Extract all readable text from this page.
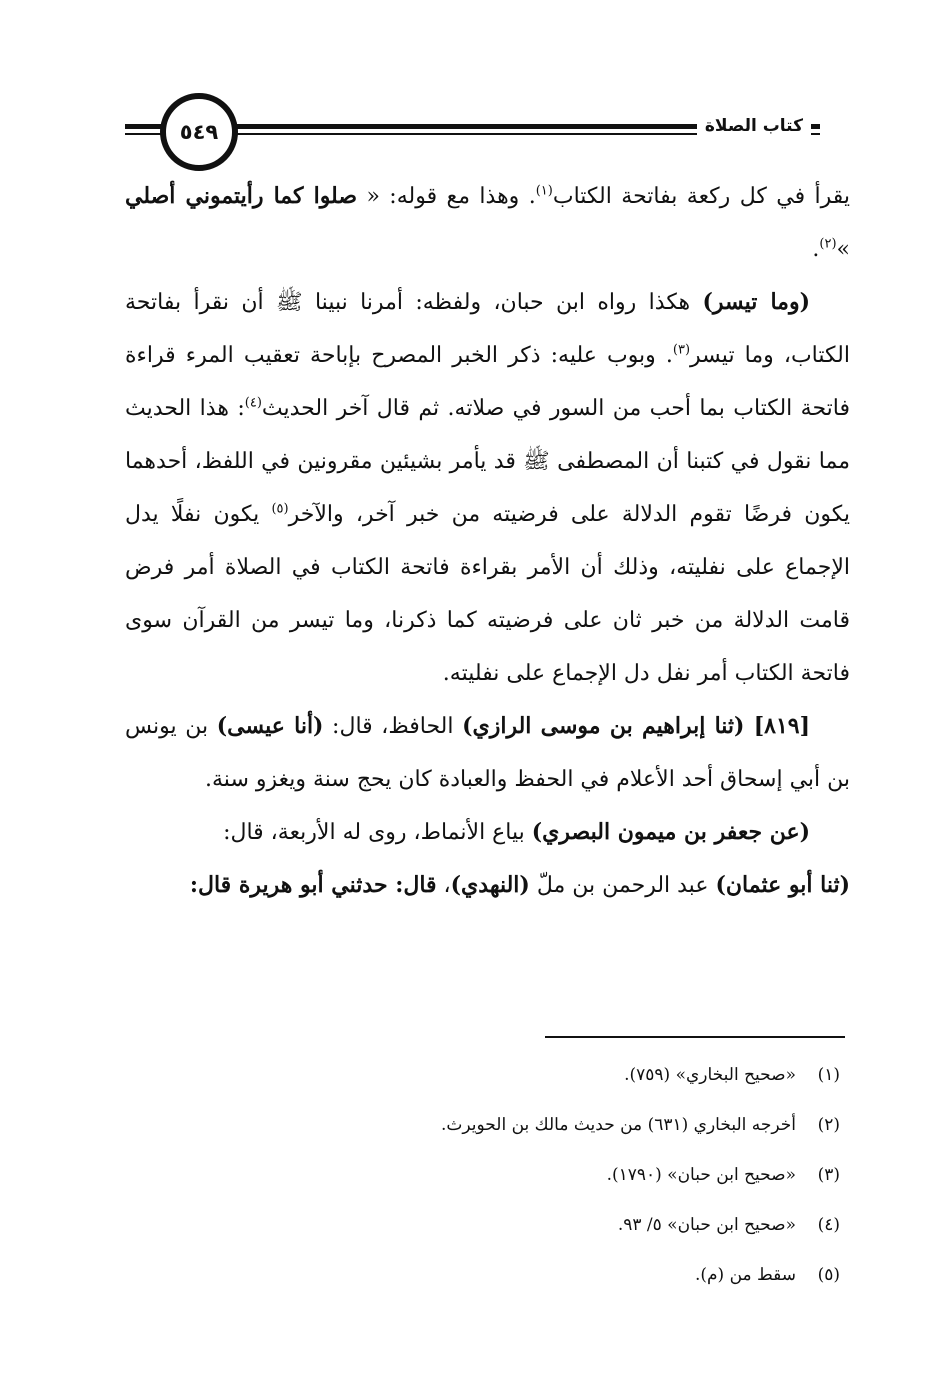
٥٤٩	كتاب الصلاة

يقرأ في كل ركعة بفاتحة الكتاب$^{(١)}$. وهذا مع قوله: « صلوا كما رأيتموني أصلي »$^{(٢)}$.

(وما تيسر) هكذا رواه ابن حبان، ولفظه: أمرنا نبينا ﷺ أن نقرأ بفاتحة الكتاب، وما تيسر$^{(٣)}$. وبوب عليه: ذكر الخبر المصرح بإباحة تعقيب المرء قراءة فاتحة الكتاب بما أحب من السور في صلاته. ثم قال آخر الحديث$^{(٤)}$: هذا الحديث مما نقول في كتبنا أن المصطفى ﷺ قد يأمر بشيئين مقرونين في اللفظ، أحدهما يكون فرضًا تقوم الدلالة على فرضيته من خبر آخر، والآخر$^{(٥)}$ يكون نفلًا يدل الإجماع على نفليته، وذلك أن الأمر بقراءة فاتحة الكتاب في الصلاة أمر فرض قامت الدلالة من خبر ثان على فرضيته كما ذكرنا، وما تيسر من القرآن سوى فاتحة الكتاب أمر نفل دل الإجماع على نفليته.

[٨١٩] (ثنا إبراهيم بن موسى الرازي) الحافظ، قال: (أنا عيسى) بن يونس بن أبي إسحاق أحد الأعلام في الحفظ والعبادة كان يحج سنة ويغزو سنة.

(عن جعفر بن ميمون البصري) بياع الأنماط، روى له الأربعة، قال:
(ثنا أبو عثمان) عبد الرحمن بن ملّ (النهدي)، قال: حدثني أبو هريرة قال:

(١)«صحيح البخاري» (٧٥٩).

(٢)أخرجه البخاري (٦٣١) من حديث مالك بن الحويرث.

(٣)«صحيح ابن حبان» (١٧٩٠).

(٤)«صحيح ابن حبان» ٥/ ٩٣.

(٥)سقط من (م).
